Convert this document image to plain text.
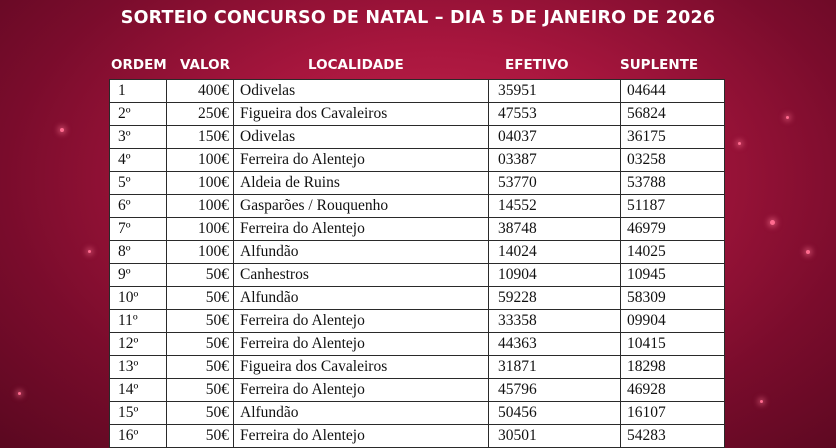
SORTEIO CONCURSO DE NATAL – DIA 5 DE JANEIRO DE 2026
ORDEM VALOR	LOCALIDADE	EFETIVO	SUPLENTE
1	400€	Odivelas	35951	04644
2º	250€	Figueira dos Cavaleiros	47553	56824
3º	150€	Odivelas	04037	36175
4º	100€	Ferreira do Alentejo	03387	03258
5º	100€	Aldeia de Ruins	53770	53788
6º	100€	Gasparões / Rouquenho	14552	51187
7º	100€	Ferreira do Alentejo	38748	46979
8º	100€	Alfundão	14024	14025
9º	50€	Canhestros	10904	10945
10º	50€	Alfundão	59228	58309
11º	50€	Ferreira do Alentejo	33358	09904
12º	50€	Ferreira do Alentejo	44363	10415
13º	50€	Figueira dos Cavaleiros	31871	18298
14º	50€	Ferreira do Alentejo	45796	46928
15º	50€	Alfundão	50456	16107
16º	50€	Ferreira do Alentejo	30501	54283
